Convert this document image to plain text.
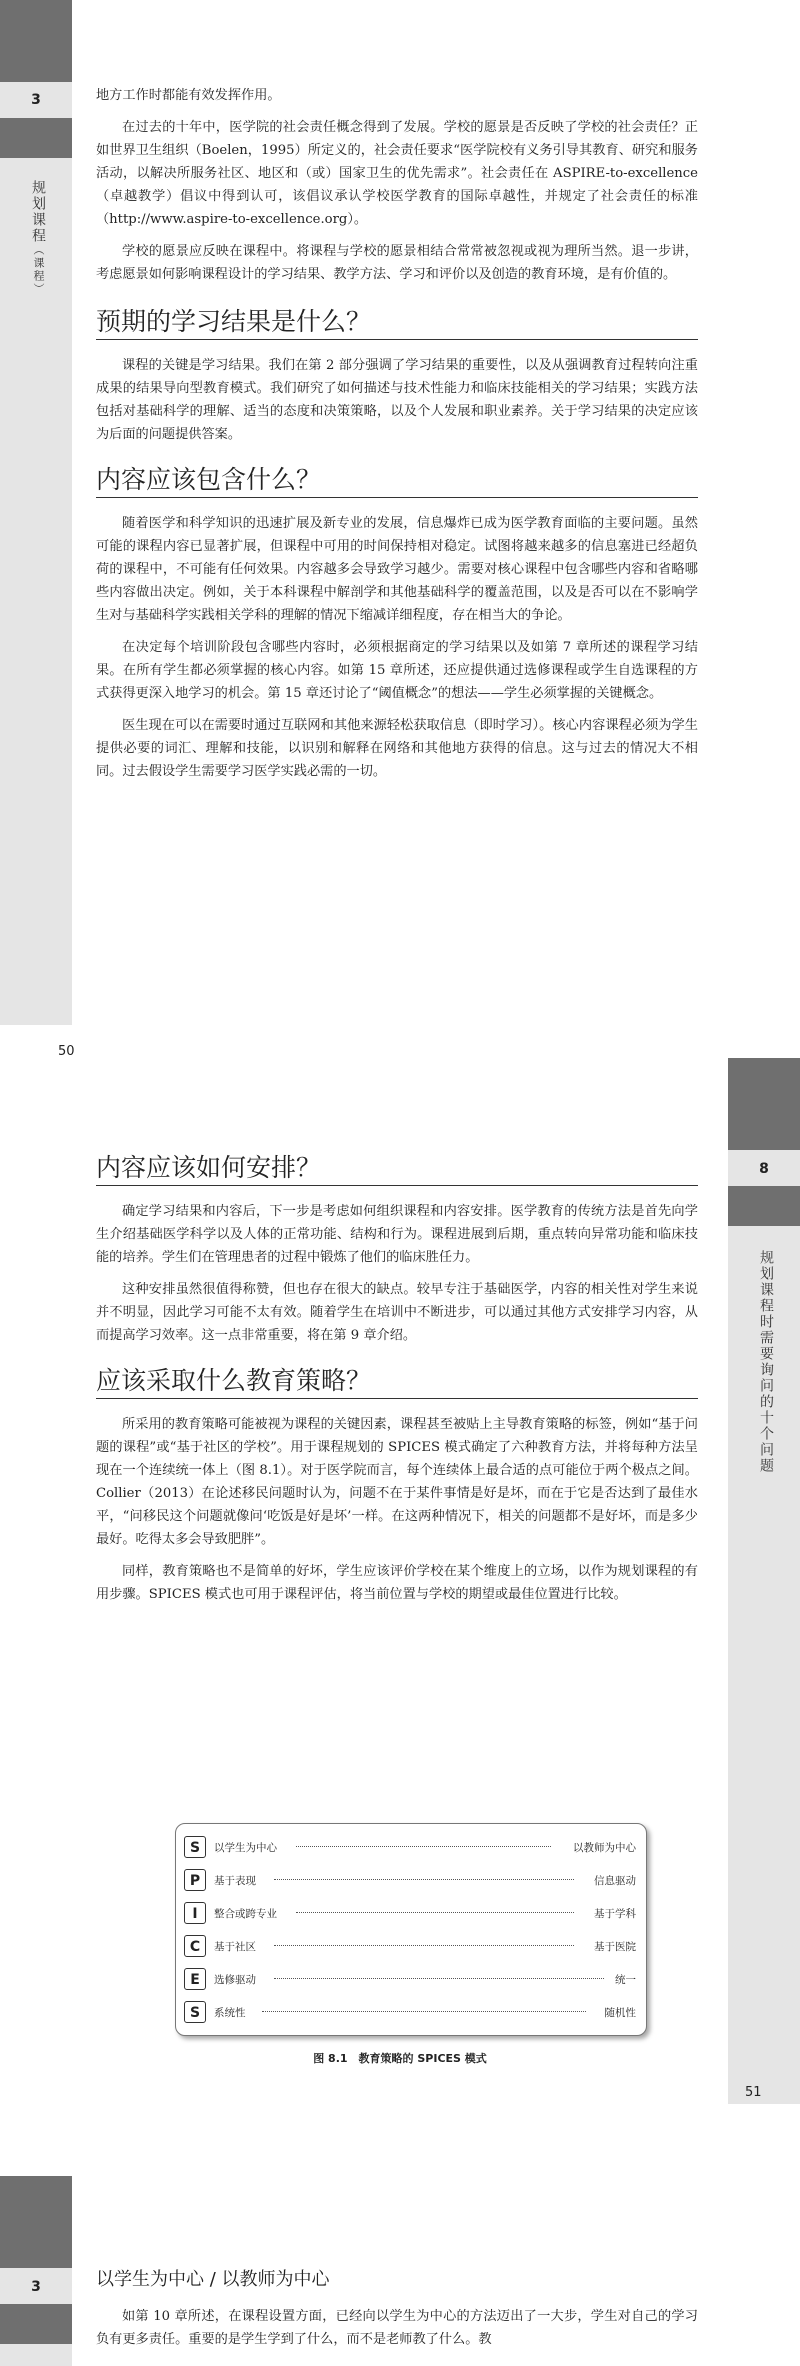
3
规划课程（课程）

地方工作时都能有效发挥作用。

在过去的十年中，医学院的社会责任概念得到了发展。学校的愿景是否反映了学校的社会责任？正如世界卫生组织（Boelen，1995）所定义的，社会责任要求“医学院校有义务引导其教育、研究和服务活动，以解决所服务社区、地区和（或）国家卫生的优先需求”。社会责任在 ASPIRE-to-excellence（卓越教学）倡议中得到认可，该倡议承认学校医学教育的国际卓越性，并规定了社会责任的标准（http://www.aspire-to-excellence.org）。

学校的愿景应反映在课程中。将课程与学校的愿景相结合常常被忽视或视为理所当然。退一步讲，考虑愿景如何影响课程设计的学习结果、教学方法、学习和评价以及创造的教育环境，是有价值的。

预期的学习结果是什么？

课程的关键是学习结果。我们在第 2 部分强调了学习结果的重要性，以及从强调教育过程转向注重成果的结果导向型教育模式。我们研究了如何描述与技术性能力和临床技能相关的学习结果；实践方法包括对基础科学的理解、适当的态度和决策策略，以及个人发展和职业素养。关于学习结果的决定应该为后面的问题提供答案。

内容应该包含什么？

随着医学和科学知识的迅速扩展及新专业的发展，信息爆炸已成为医学教育面临的主要问题。虽然可能的课程内容已显著扩展，但课程中可用的时间保持相对稳定。试图将越来越多的信息塞进已经超负荷的课程中，不可能有任何效果。内容越多会导致学习越少。需要对核心课程中包含哪些内容和省略哪些内容做出决定。例如，关于本科课程中解剖学和其他基础科学的覆盖范围，以及是否可以在不影响学生对与基础科学实践相关学科的理解的情况下缩减详细程度，存在相当大的争论。

在决定每个培训阶段包含哪些内容时，必须根据商定的学习结果以及如第 7 章所述的课程学习结果。在所有学生都必须掌握的核心内容。如第 15 章所述，还应提供通过选修课程或学生自选课程的方式获得更深入地学习的机会。第 15 章还讨论了“阈值概念”的想法——学生必须掌握的关键概念。

医生现在可以在需要时通过互联网和其他来源轻松获取信息（即时学习）。核心内容课程必须为学生提供必要的词汇、理解和技能，以识别和解释在网络和其他地方获得的信息。这与过去的情况大不相同。过去假设学生需要学习医学实践必需的一切。

50
8
规划课程时需要询问的十个问题
内容应该如何安排？

确定学习结果和内容后，下一步是考虑如何组织课程和内容安排。医学教育的传统方法是首先向学生介绍基础医学科学以及人体的正常功能、结构和行为。课程进展到后期，重点转向异常功能和临床技能的培养。学生们在管理患者的过程中锻炼了他们的临床胜任力。

这种安排虽然很值得称赞，但也存在很大的缺点。较早专注于基础医学，内容的相关性对学生来说并不明显，因此学习可能不太有效。随着学生在培训中不断进步，可以通过其他方式安排学习内容，从而提高学习效率。这一点非常重要，将在第 9 章介绍。

应该采取什么教育策略？

所采用的教育策略可能被视为课程的关键因素，课程甚至被贴上主导教育策略的标签，例如“基于问题的课程”或“基于社区的学校”。用于课程规划的 SPICES 模式确定了六种教育方法，并将每种方法呈现在一个连续统一体上（图 8.1）。对于医学院而言，每个连续体上最合适的点可能位于两个极点之间。Collier（2013）在论述移民问题时认为，问题不在于某件事情是好是坏，而在于它是否达到了最佳水平，“问移民这个问题就像问‘吃饭是好是坏’一样。在这两种情况下，相关的问题都不是好坏，而是多少最好。吃得太多会导致肥胖”。

同样，教育策略也不是简单的好坏，学生应该评价学校在某个维度上的立场，以作为规划课程的有用步骤。SPICES 模式也可用于课程评估，将当前位置与学校的期望或最佳位置进行比较。

S	以学生为中心	以教师为中心
P	基于表现	信息驱动
I	整合或跨专业	基于学科
C	基于社区	基于医院
E	选修驱动	统一
S	系统性	随机性
图 8.1　教育策略的 SPICES 模式
51
3	以学生为中心 / 以教师为中心

如第 10 章所述，在课程设置方面，已经向以学生为中心的方法迈出了一大步，学生对自己的学习负有更多责任。重要的是学生学到了什么，而不是老师教了什么。教
